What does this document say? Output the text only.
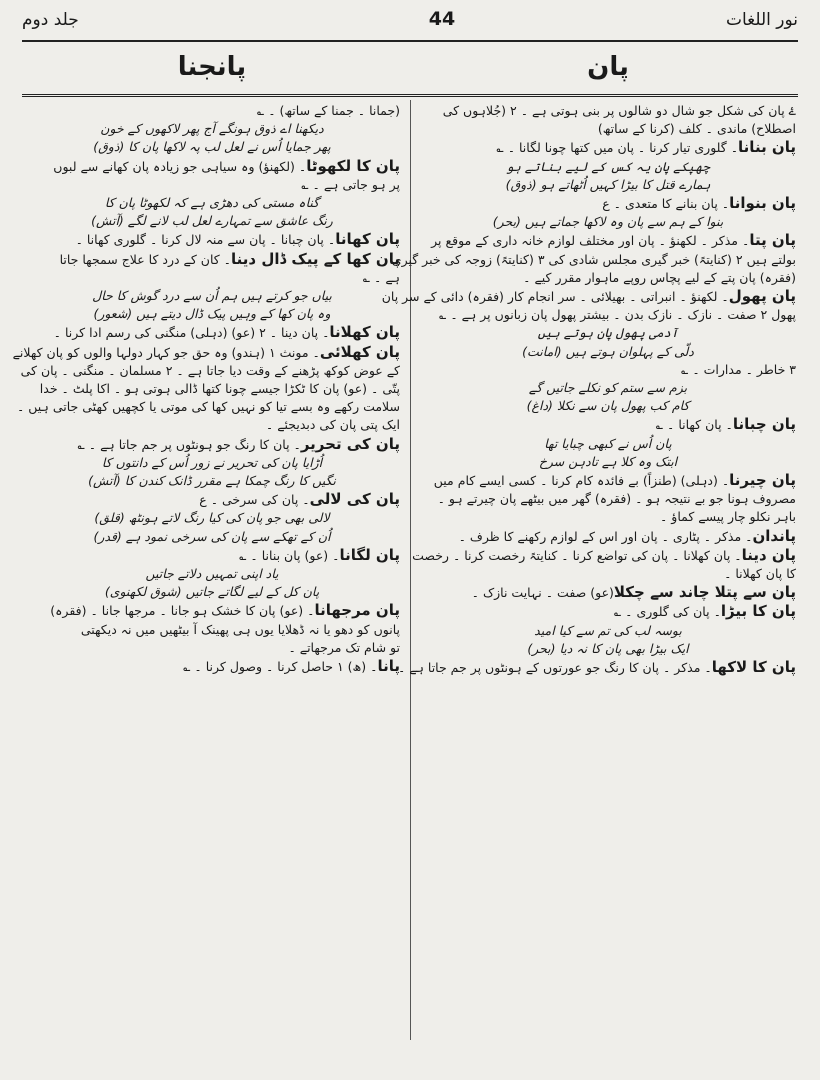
نور اللغات
44
جلد دوم
پان
پانجنا
ۓ پان کی شکل جو شال دو شالوں پر بنی ہوتی ہے ۔ ۲ (جُلاہوں کی
اصطلاح) ماندی ۔ کلف (کرنا کے ساتھ)
پان بنانا۔ گلوری تیار کرنا ۔ پان میں کتھا چونا لگانا ۔ ؎
چھپکے پان یہ کس کے لیے بناتے ہو
ہمارے قتل کا بیڑا کہیں اُٹھاتے ہو (ذوق)
پان بنوانا۔ پان بنانے کا متعدی ۔ ع
بنوا کے ہم سے پان وہ لاکھا جماتے ہیں (بحر)
پان پتا۔ مذکر ۔ لکھنؤ ۔ پان اور مختلف لوازم خانہ داری کے موقع پر
بولتے ہیں ۲ (کنایتہً) خبر گیری مجلس شادی کی ۳ (کنایتہً) زوجہ کی خبر گیری
(فقرہ) پان پتے کے لیے پچاس روپے ماہوار مقرر کیے ۔
پان پھول۔ لکھنؤ ۔ انبراتی ۔ بھیلائی ۔ سر انجام کار (فقرہ) دائی کے سر پان
پھول ۲ صفت ۔ نازک ۔ نازک بدن ۔ بیشتر پھول پان زبانوں پر ہے ۔ ؎
آدمی پھول پان ہوتے ہیں
دلّی کے پہلوان ہوتے ہیں (امانت)
۳ خاطر ۔ مدارات ۔ ؎
بزم سے ستم کو نکلے جاتیں گے
کام کب پھول پان سے نکلا (داغ)
پان چبانا۔ پان کھانا ۔ ؎
پان اُس نے کبھی چبایا تھا
ابتک وہ کلا ہے تادہن سرخ
پان چیرنا۔ (دہلی) (طنزاً) بے فائدہ کام کرنا ۔ کسی ایسے کام میں
مصروف ہونا جو بے نتیجہ ہو ۔ (فقرہ) گھر میں بیٹھے پان چیرتے ہو ۔
باہر نکلو چار پیسے کماؤ ۔
پاندان۔ مذکر ۔ پٹاری ۔ پان اور اس کے لوازم رکھنے کا ظرف ۔
پان دینا۔ پان کھلانا ۔ پان کی تواضع کرنا ۔ کنایتہً رخصت کرنا ۔ رخصت
کا پان کھلانا ۔
پان سے پتلا چاند سے چکلا(عو) صفت ۔ نہایت نازک ۔
پان کا بیڑا۔ پان کی گلوری ۔ ؎
بوسہ لب کی تم سے کیا امید
ایک بیڑا بھی پان کا نہ دیا (بحر)
پان کا لاکھا۔ مذکر ۔ پان کا رنگ جو عورتوں کے ہونٹوں پر جم جاتا ہے ۔
(جمانا ۔ جمنا کے ساتھ) ۔ ؎
دیکھنا اے ذوق ہونگے آج پھر لاکھوں کے خون
پھر جمایا اُس نے لعل لب پہ لاکھا پان کا (ذوق)
پان کا لکھوٹا۔ (لکھنؤ) وہ سیاہی جو زیادہ پان کھانے سے لبوں
پر ہو جاتی ہے ۔ ؎
گناہ مستی کی دھڑی ہے کہ لکھوٹا پان کا
رنگ عاشق سے تمہارے لعل لب لانے لگے (آتش)
پان کھانا۔ پان چبانا ۔ پان سے منہ لال کرنا ۔ گلوری کھانا ۔
پان کھا کے پیک ڈال دینا۔ کان کے درد کا علاج سمجھا جاتا
ہے ۔ ؎
بیاں جو کرتے ہیں ہم اُن سے درد گوش کا حال
وہ پان کھا کے وہیں پیک ڈال دیتے ہیں (شعور)
پان کھلانا۔ پان دینا ۔ ۲ (عو) (دہلی) منگنی کی رسم ادا کرنا ۔
پان کھلائی۔ مونث ۱ (ہندو) وہ حق جو کہار دولہا والوں کو پان کھلانے
کے عوض کوکھ پڑھنے کے وقت دیا جاتا ہے ۔ ۲ مسلمان ۔ منگنی ۔ پان کی
پتّی ۔ (عو) پان کا ٹکڑا جیسے چونا کتھا ڈالی ہوتی ہو ۔ اکا پلٹ ۔ خدا
سلامت رکھے وہ بسے تیا کو نہیں کھا کی موتی یا کچھیں کھٹی جاتی ہیں ۔
ایک پتی پان کی دبدیجئے ۔
پان کی تحریر۔ پان کا رنگ جو ہونٹوں پر جم جاتا ہے ۔ ؎
اُڑایا پان کی تحریر نے زور اُس کے دانتوں کا
نگیں کا رنگ چمکا ہے مقرر ڈانک کندن کا (آتش)
پان کی لالی۔ پان کی سرخی ۔ ع
لالی بھی جو پان کی کیا رنگ لاتے ہونٹھ (قلق)
اُن کے تھکے سے پان کی سرخی نمود ہے (قدر)
پان لگانا۔ (عو) پان بنانا ۔ ؎
یاد اپنی تمہیں دلاتے جاتیں
پان کل کے لیے لگاتے جاتیں (شوق لکھنوی)
پان مرجھانا۔ (عو) پان کا خشک ہو جانا ۔ مرجھا جانا ۔ (فقرہ)
پانوں کو دھو یا نہ ڈھلایا یوں ہی پھینک آ بیٹھیں میں نہ دیکھتی
تو شام تک مرجھاتے ۔
پانا۔ (ھ) ۱ حاصل کرنا ۔ وصول کرنا ۔ ؎
